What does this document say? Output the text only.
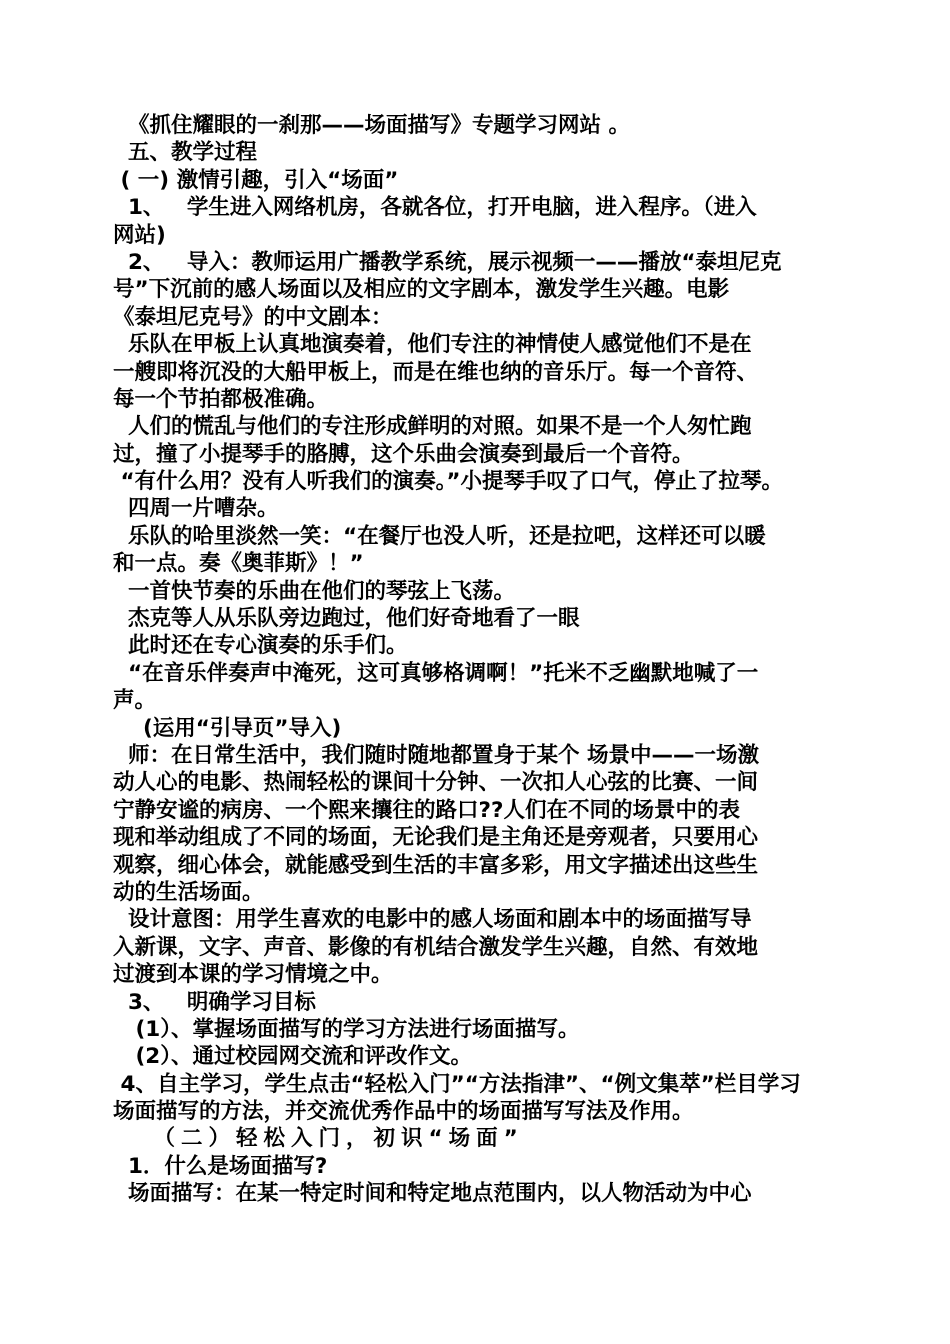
《抓住耀眼的一刹那——场面描写》专题学习网站 。
五、教学过程
( 一) 激情引趣，引入“场面”
1、   学生进入网络机房，各就各位，打开电脑，进入程序。（进入
网站)
2、   导入：教师运用广播教学系统，展示视频一——播放“泰坦尼克
号”下沉前的感人场面以及相应的文字剧本，激发学生兴趣。电影
《泰坦尼克号》的中文剧本：
乐队在甲板上认真地演奏着，他们专注的神情使人感觉他们不是在
一艘即将沉没的大船甲板上，而是在维也纳的音乐厅。每一个音符、
每一个节拍都极准确。
人们的慌乱与他们的专注形成鲜明的对照。如果不是一个人匆忙跑
过，撞了小提琴手的胳膊，这个乐曲会演奏到最后一个音符。
“有什么用？没有人听我们的演奏。”小提琴手叹了口气，停止了拉琴。
四周一片嘈杂。
乐队的哈里淡然一笑：“在餐厅也没人听，还是拉吧，这样还可以暖
和一点。奏《奥菲斯》！”
一首快节奏的乐曲在他们的琴弦上飞荡。
杰克等人从乐队旁边跑过，他们好奇地看了一眼
此时还在专心演奏的乐手们。
“在音乐伴奏声中淹死，这可真够格调啊！”托米不乏幽默地喊了一
声。
(运用“引导页”导入)
师：在日常生活中，我们随时随地都置身于某个 场景中——一场激
动人心的电影、热闹轻松的课间十分钟、一次扣人心弦的比赛、一间
宁静安谧的病房、一个熙来攘往的路口??人们在不同的场景中的表
现和举动组成了不同的场面，无论我们是主角还是旁观者，只要用心
观察，细心体会，就能感受到生活的丰富多彩，用文字描述出这些生
动的生活场面。
设计意图：用学生喜欢的电影中的感人场面和剧本中的场面描写导
入新课，文字、声音、影像的有机结合激发学生兴趣，自然、有效地
过渡到本课的学习情境之中。
3、   明确学习目标
(1）、掌握场面描写的学习方法进行场面描写。
(2）、通过校园网交流和评改作文。
4、自主学习，学生点击“轻松入门”“方法指津”、“例文集萃”栏目学习
场面描写的方法，并交流优秀作品中的场面描写写法及作用。
（二）轻松入门，初识“场面”
1．什么是场面描写?
场面描写：在某一特定时间和特定地点范围内，以人物活动为中心
